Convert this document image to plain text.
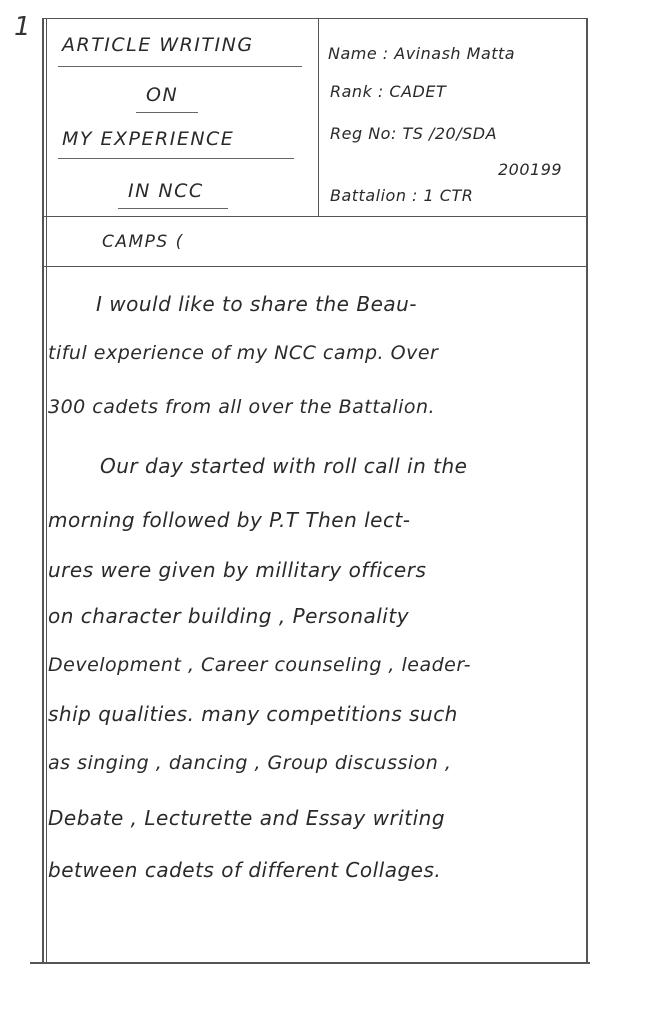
1
ARTICLE WRITING
ON
MY EXPERIENCE
IN NCC
Name : Avinash Matta
Rank : CADET
Reg No: TS /20/SDA
200199
Battalion : 1 CTR
CAMPS (
I would like to share the Beau-
tiful experience of my NCC camp. Over
300 cadets from all over the Battalion.
Our day started with roll call in the
morning followed by P.T Then lect-
ures were given by millitary officers
on character building , Personality
Development , Career counseling , leader-
ship qualities. many competitions such
as singing , dancing , Group discussion ,
Debate , Lecturette and Essay writing
between cadets of different Collages.
